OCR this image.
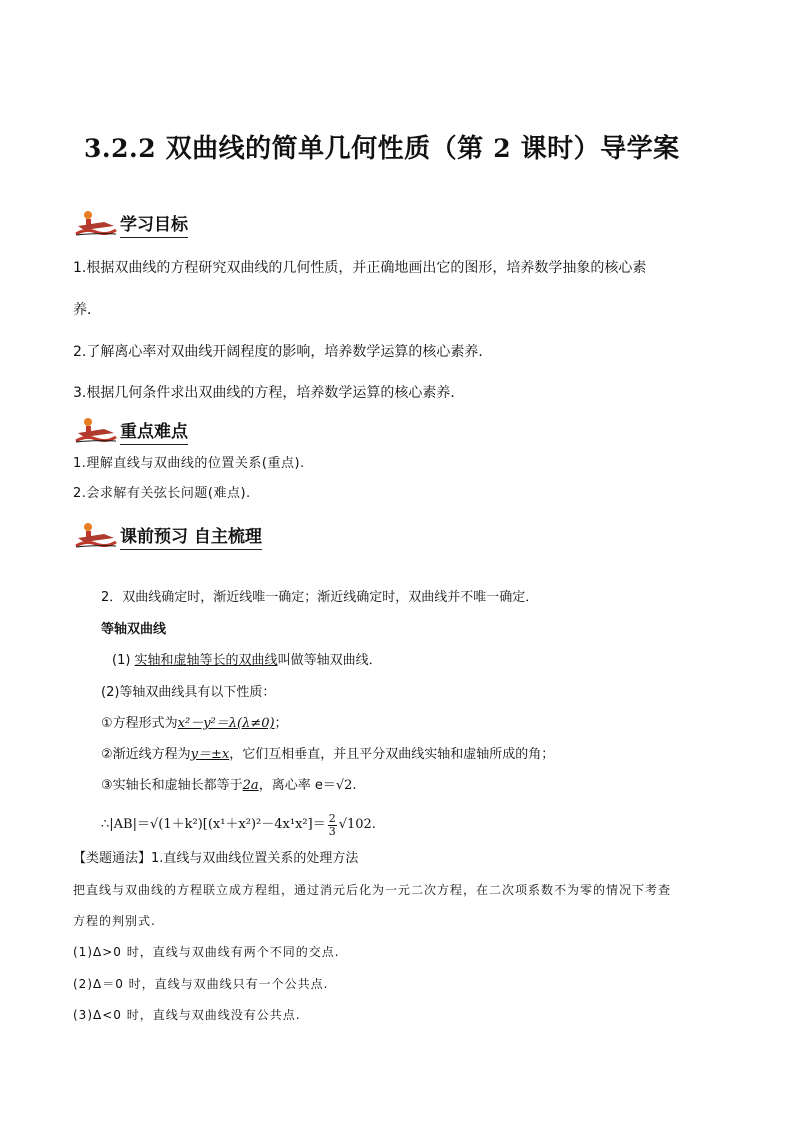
3.2.2 双曲线的简单几何性质（第 2 课时）导学案
学习目标
1.根据双曲线的方程研究双曲线的几何性质，并正确地画出它的图形，培养数学抽象的核心素
养．
2.了解离心率对双曲线开阔程度的影响，培养数学运算的核心素养．
3.根据几何条件求出双曲线的方程，培养数学运算的核心素养．
重点难点
1.理解直线与双曲线的位置关系(重点).
2.会求解有关弦长问题(难点).
课前预习 自主梳理
2．双曲线确定时，渐近线唯一确定；渐近线确定时，双曲线并不唯一确定．
等轴双曲线
(1) 实轴和虚轴等长的双曲线叫做等轴双曲线．
(2)等轴双曲线具有以下性质：
①方程形式为x²－y²＝λ(λ≠0)；
②渐近线方程为y＝±x，它们互相垂直，并且平分双曲线实轴和虚轴所成的角；
③实轴长和虚轴长都等于2a，离心率 e＝√2.
∴|AB|＝√(1＋k²)[(x¹＋x²)²－4x¹x²]＝ $\frac{2}{3} √102$.
【类题通法】1.直线与双曲线位置关系的处理方法
把直线与双曲线的方程联立成方程组，通过消元后化为一元二次方程，在二次项系数不为零的情况下考查
方程的判别式.
(1)Δ>0 时，直线与双曲线有两个不同的交点.
(2)Δ＝0 时，直线与双曲线只有一个公共点.
(3)Δ<0 时，直线与双曲线没有公共点.
